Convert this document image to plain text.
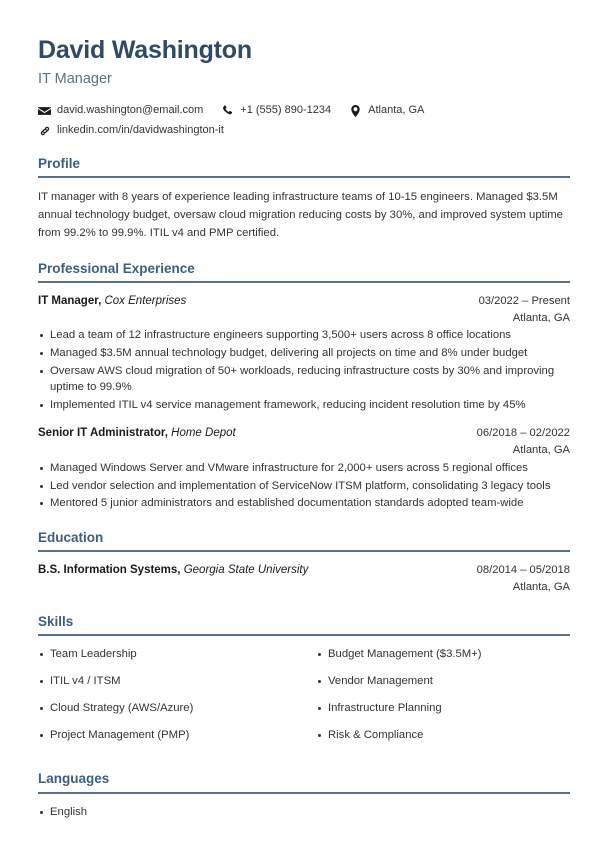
David Washington
IT Manager
david.washington@email.com	+1 (555) 890-1234	Atlanta, GA
linkedin.com/in/davidwashington-it
Profile

IT manager with 8 years of experience leading infrastructure teams of 10-15 engineers. Managed $3.5M annual technology budget, oversaw cloud migration reducing costs by 30%, and improved system uptime from 99.2% to 99.9%. ITIL v4 and PMP certified.

Professional Experience
IT Manager, Cox Enterprises	03/2022 – Present
Atlanta, GA
Lead a team of 12 infrastructure engineers supporting 3,500+ users across 8 office locations
Managed $3.5M annual technology budget, delivering all projects on time and 8% under budget
Oversaw AWS cloud migration of 50+ workloads, reducing infrastructure costs by 30% and improving uptime to 99.9%
Implemented ITIL v4 service management framework, reducing incident resolution time by 45%
Senior IT Administrator, Home Depot	06/2018 – 02/2022
Atlanta, GA
Managed Windows Server and VMware infrastructure for 2,000+ users across 5 regional offices
Led vendor selection and implementation of ServiceNow ITSM platform, consolidating 3 legacy tools
Mentored 5 junior administrators and established documentation standards adopted team-wide
Education
B.S. Information Systems, Georgia State University	08/2014 – 05/2018
Atlanta, GA
Skills
Team Leadership	Budget Management ($3.5M+)
ITIL v4 / ITSM	Vendor Management
Cloud Strategy (AWS/Azure)	Infrastructure Planning
Project Management (PMP)	Risk & Compliance
Languages
English
